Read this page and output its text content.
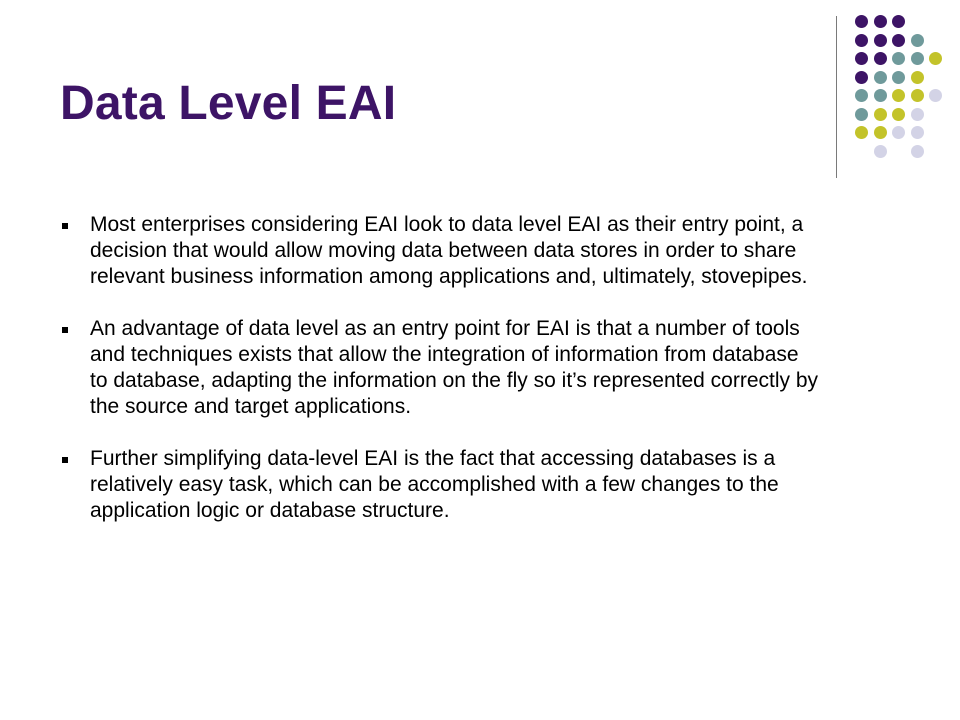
Data Level EAI
Most enterprises considering EAI look to data level EAI as their entry point, a decision that would allow moving data between data stores in order to share relevant business information among applications and, ultimately, stovepipes.
An advantage of data level as an entry point for EAI is that a number of tools and techniques exists that allow the integration of information from database to database, adapting the information on the fly so it’s represented correctly by the source and target applications.
Further simplifying data-level EAI is the fact that accessing databases is a relatively easy task, which can be accomplished with a few changes to the application logic or database structure.
